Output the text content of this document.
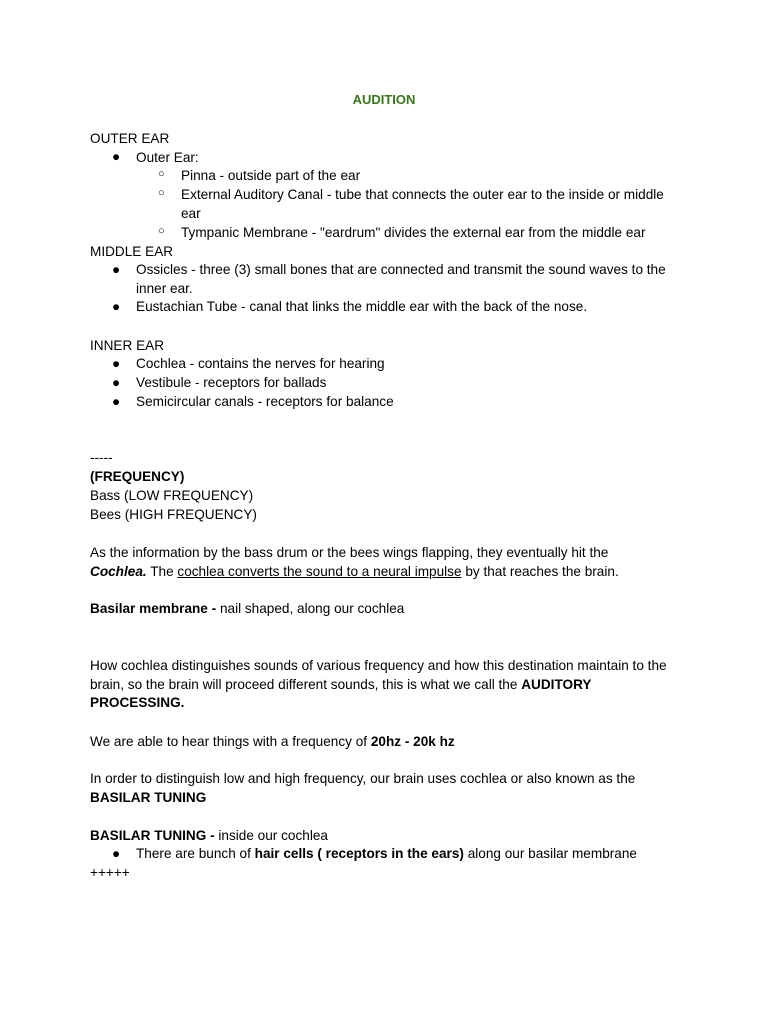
AUDITION
OUTER EAR
● Outer Ear:
○ Pinna - outside part of the ear
○ External Auditory Canal - tube that connects the outer ear to the inside or middle
ear
○ Tympanic Membrane - "eardrum" divides the external ear from the middle ear
MIDDLE EAR
● Ossicles - three (3) small bones that are connected and transmit the sound waves to the
inner ear.
● Eustachian Tube - canal that links the middle ear with the back of the nose.
INNER EAR
● Cochlea - contains the nerves for hearing
● Vestibule - receptors for ballads
● Semicircular canals - receptors for balance
-----
(FREQUENCY)
Bass (LOW FREQUENCY)
Bees (HIGH FREQUENCY)
As the information by the bass drum or the bees wings flapping, they eventually hit the
Cochlea. The cochlea converts the sound to a neural impulse by that reaches the brain.
Basilar membrane - nail shaped, along our cochlea
How cochlea distinguishes sounds of various frequency and how this destination maintain to the
brain, so the brain will proceed different sounds, this is what we call the AUDITORY
PROCESSING.
We are able to hear things with a frequency of 20hz - 20k hz
In order to distinguish low and high frequency, our brain uses cochlea or also known as the
BASILAR TUNING
BASILAR TUNING - inside our cochlea
● There are bunch of hair cells ( receptors in the ears) along our basilar membrane
+++++
